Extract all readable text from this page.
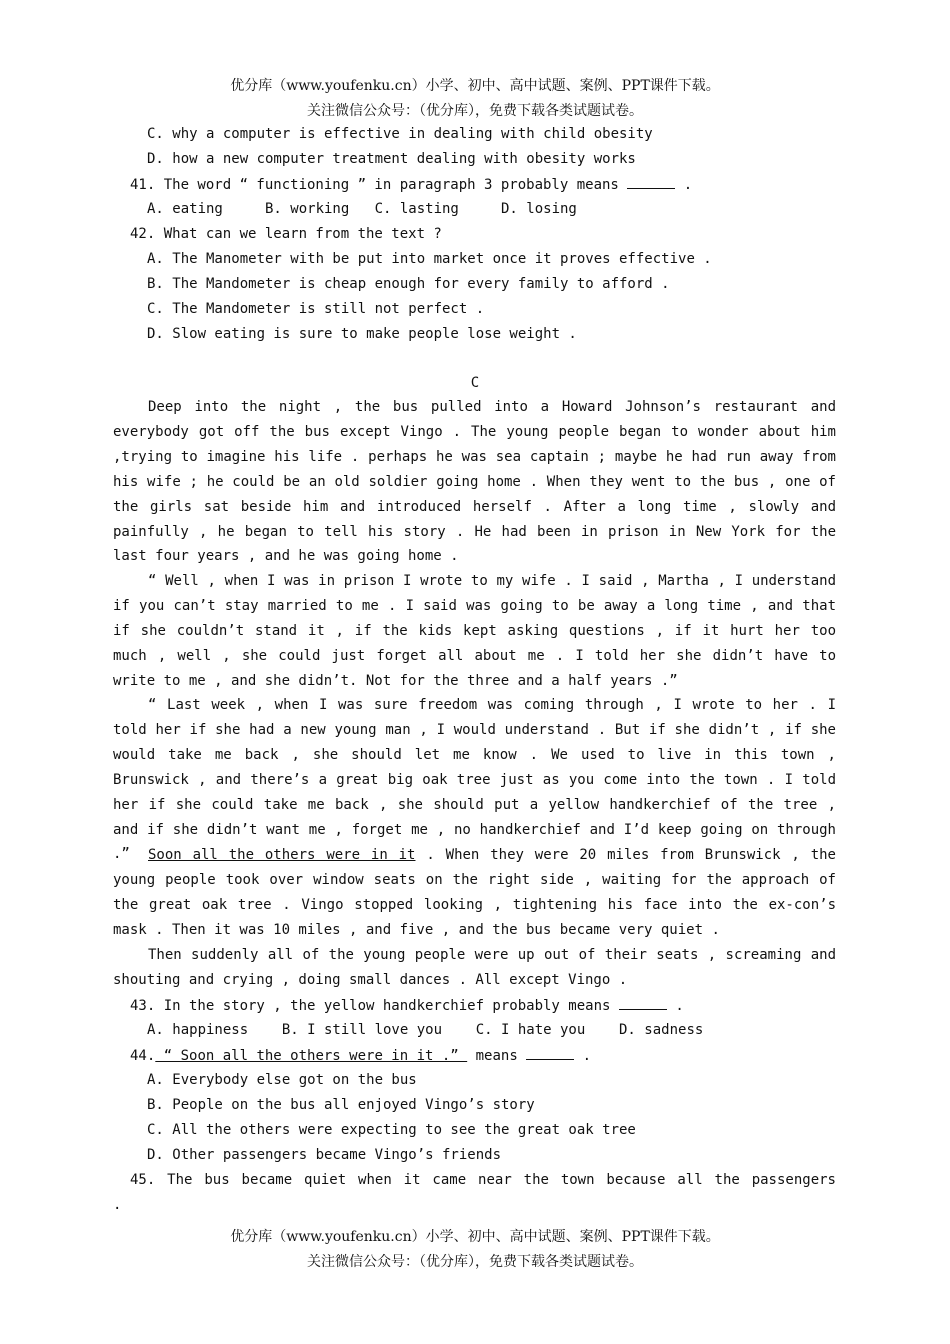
优分库（www.youfenku.cn）小学、初中、高中试题、案例、PPT课件下载。
关注微信公众号：（优分库），免费下载各类试题试卷。
C. why a computer is effective in dealing with child obesity
D. how a new computer treatment dealing with obesity works
41. The word “ functioning ” in paragraph 3 probably means	.
A. eating     B. working   C. lasting     D. losing
42. What can we learn from the text ?
A. The Manometer with be put into market once it proves effective .
B. The Mandometer is cheap enough for every family to afford .
C. The Mandometer is still not perfect .
D. Slow eating is sure to make people lose weight .
C
Deep into the night , the bus pulled into a Howard Johnson’s restaurant and everybody got off the bus except Vingo . The young people began to wonder about him ,trying to imagine his life . perhaps he was sea captain ; maybe he had run away from his wife ; he could be an old soldier going home . When they went to the bus , one of the girls sat beside him and introduced herself . After a long time , slowly and painfully , he began to tell his story . He had been in prison in New York for the last four years , and he was going home .
“ Well , when I was in prison I wrote to my wife . I said , Martha , I understand if you can’t stay married to me . I said was going to be away a long time , and that if she couldn’t stand it , if the kids kept asking questions , if it hurt her too much , well , she could just forget all about me . I told her she didn’t have to write to me , and she didn’t. Not for the three and a half years .”
“ Last week , when I was sure freedom was coming through , I wrote to her . I told her if she had a new young man , I would understand . But if she didn’t , if she would take me back , she should let me know . We used to live in this town , Brunswick , and there’s a great big oak tree just as you come into the town . I told her if she could take me back , she should put a yellow handkerchief of the tree , and if she didn’t want me , forget me , no handkerchief and I’d keep going on through .”	Soon all the others were in it . When they were 20 miles from Brunswick , the young people took over window seats on the right side , waiting for the approach of the great oak tree . Vingo stopped looking , tightening his face into the ex-con’s mask . Then it was 10 miles , and five , and the bus became very quiet .
Then suddenly all of the young people were up out of their seats , screaming and shouting and crying , doing small dances . All except Vingo .
43. In the story , the yellow handkerchief probably means	.
A. happiness    B. I still love you    C. I hate you    D. sadness
44. “ Soon all the others were in it .”  means	.
A. Everybody else got on the bus
B. People on the bus all enjoyed Vingo’s story
C. All the others were expecting to see the great oak tree
D. Other passengers became Vingo’s friends
45. The bus became quiet when it came near the town because all the passengers
.
优分库（www.youfenku.cn）小学、初中、高中试题、案例、PPT课件下载。
关注微信公众号：（优分库），免费下载各类试题试卷。
